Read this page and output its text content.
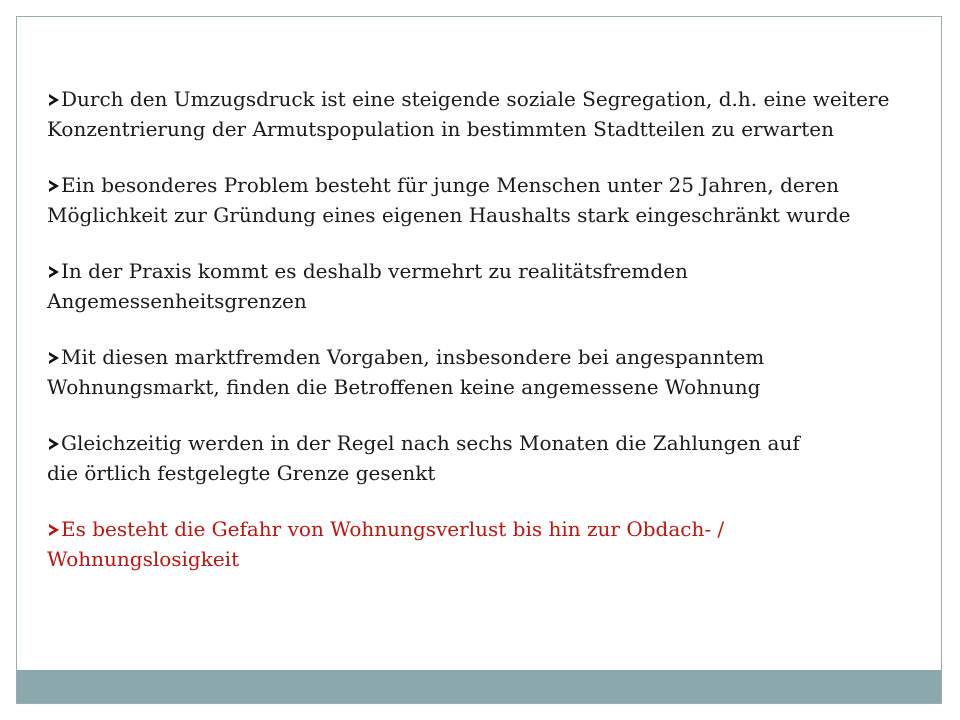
Durch den Umzugsdruck ist eine steigende soziale Segregation, d.h. eine weitere Konzentrierung der Armutspopulation in bestimmten Stadtteilen zu erwarten
Ein besonderes Problem besteht für junge Menschen unter 25 Jahren, deren Möglichkeit zur Gründung eines eigenen Haushalts stark eingeschränkt wurde
In der Praxis kommt es deshalb vermehrt zu realitätsfremden Angemessenheitsgrenzen
Mit diesen marktfremden Vorgaben, insbesondere bei angespanntem Wohnungsmarkt, finden die Betroffenen keine angemessene Wohnung
Gleichzeitig werden in der Regel nach sechs Monaten die Zahlungen auf die örtlich festgelegte Grenze gesenkt
Es besteht die Gefahr von Wohnungsverlust bis hin zur Obdach- / Wohnungslosigkeit
